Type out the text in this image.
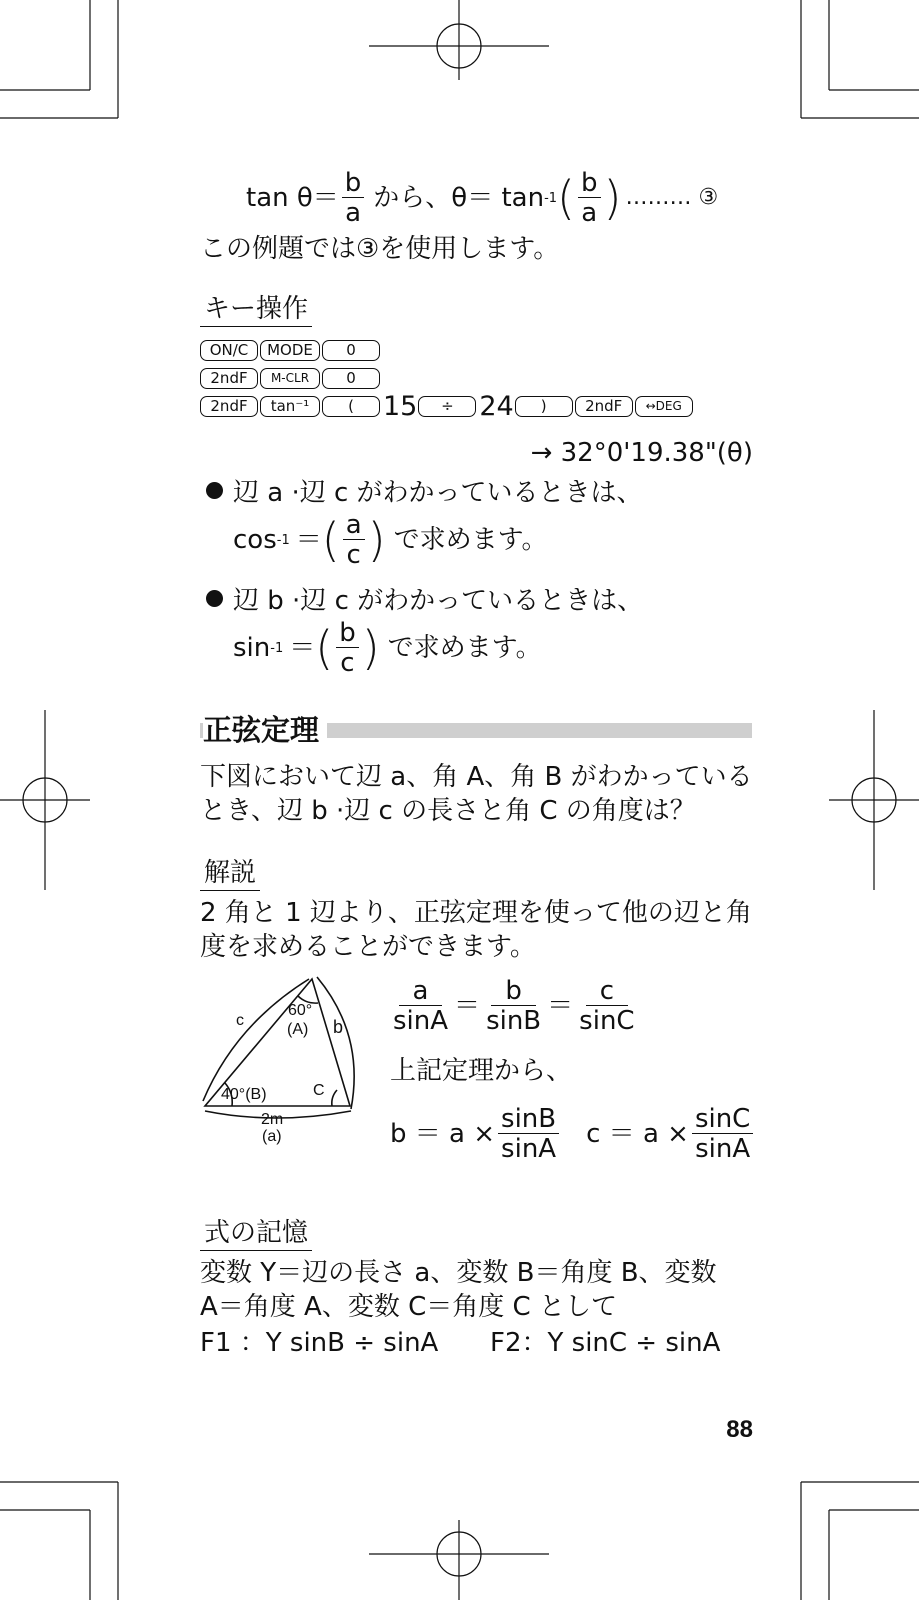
$\tan \theta= \frac{b}{a}$ から、θ＝ tan -1 ( $\frac{b}{a}$ ) ……… ③
この例題では③を使用します。
キー操作
ON/C	MODE	0
2ndF	M-CLR	0
2ndF	tan⁻¹	(	15	÷ 24	)	2ndF	↔DEG
→ 32°0'19.38"(θ)
辺 a ·辺 c がわかっているときは、
cos -1 ＝ ( $\frac{a}{c}$ ) で求めます。
辺 b ·辺 c がわかっているときは、
sin -1 ＝ ( $\frac{b}{c}$ ) で求めます。
正弦定理
下図において辺 a、角 A、角 B がわかっている
とき、辺 b ·辺 c の長さと角 C の角度は？
解説
2 角と 1 辺より、正弦定理を使って他の辺と角
度を求めることができます。
60°
(A)
c	b
40°(B)	C
2m
(a)
$\frac{a}{\sin A} = \frac{b}{\sin B} = \frac{c}{\sin C}$
上記定理から、
$b = a \times \frac{\sin B}{\sin A}$ $c = a \times \frac{\sin C}{\sin A}$
式の記憶
変数 Y＝辺の長さ a、変数 B＝角度 B、変数
A＝角度 A、変数 C＝角度 C として
F1 ：Y sinB ÷ sinA F2：Y sinC ÷ sinA
88
